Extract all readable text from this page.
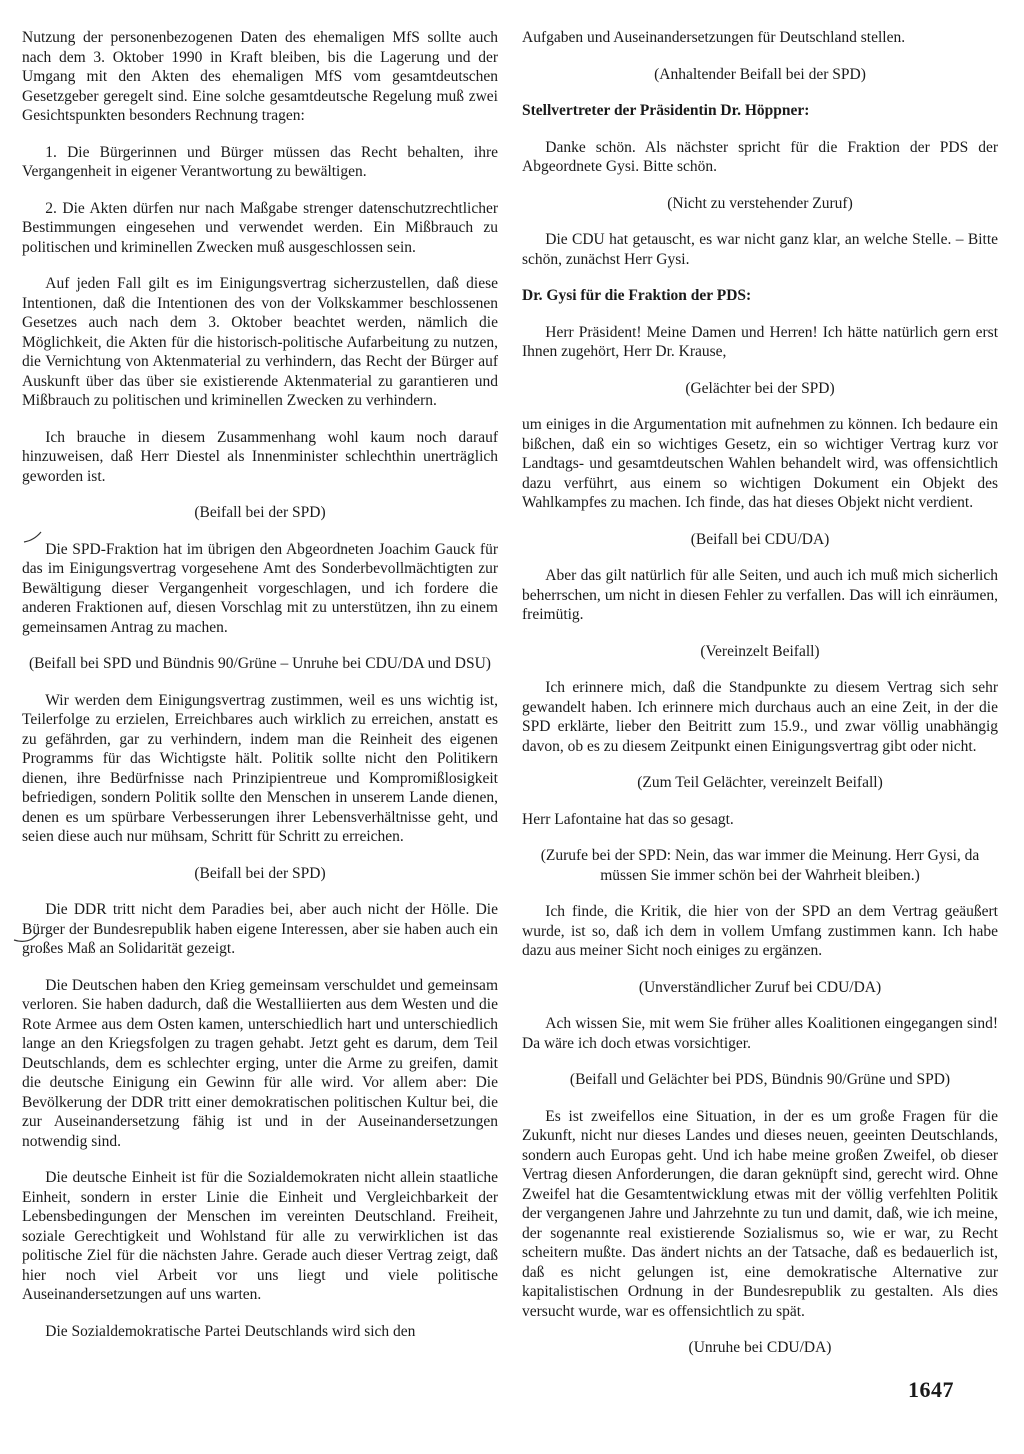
Nutzung der personenbezogenen Daten des ehemaligen MfS sollte auch nach dem 3. Oktober 1990 in Kraft bleiben, bis die Lagerung und der Umgang mit den Akten des ehemaligen MfS vom gesamtdeutschen Gesetzgeber geregelt sind. Eine solche gesamtdeutsche Regelung muß zwei Gesichtspunkten besonders Rechnung tragen:
1. Die Bürgerinnen und Bürger müssen das Recht behalten, ihre Vergangenheit in eigener Verantwortung zu bewältigen.
2. Die Akten dürfen nur nach Maßgabe strenger datenschutzrechtlicher Bestimmungen eingesehen und verwendet werden. Ein Mißbrauch zu politischen und kriminellen Zwecken muß ausgeschlossen sein.
Auf jeden Fall gilt es im Einigungsvertrag sicherzustellen, daß diese Intentionen, daß die Intentionen des von der Volkskammer beschlossenen Gesetzes auch nach dem 3. Oktober beachtet werden, nämlich die Möglichkeit, die Akten für die historisch-politische Aufarbeitung zu nutzen, die Vernichtung von Aktenmaterial zu verhindern, das Recht der Bürger auf Auskunft über das über sie existierende Aktenmaterial zu garantieren und Mißbrauch zu politischen und kriminellen Zwecken zu verhindern.
Ich brauche in diesem Zusammenhang wohl kaum noch darauf hinzuweisen, daß Herr Diestel als Innenminister schlechthin unerträglich geworden ist.
(Beifall bei der SPD)
Die SPD-Fraktion hat im übrigen den Abgeordneten Joachim Gauck für das im Einigungsvertrag vorgesehene Amt des Sonderbevollmächtigten zur Bewältigung dieser Vergangenheit vorgeschlagen, und ich fordere die anderen Fraktionen auf, diesen Vorschlag mit zu unterstützen, ihn zu einem gemeinsamen Antrag zu machen.
(Beifall bei SPD und Bündnis 90/Grüne – Unruhe bei CDU/DA und DSU)
Wir werden dem Einigungsvertrag zustimmen, weil es uns wichtig ist, Teilerfolge zu erzielen, Erreichbares auch wirklich zu erreichen, anstatt es zu gefährden, gar zu verhindern, indem man die Reinheit des eigenen Programms für das Wichtigste hält. Politik sollte nicht den Politikern dienen, ihre Bedürfnisse nach Prinzipientreue und Kompromißlosigkeit befriedigen, sondern Politik sollte den Menschen in unserem Lande dienen, denen es um spürbare Verbesserungen ihrer Lebensverhältnisse geht, und seien diese auch nur mühsam, Schritt für Schritt zu erreichen.
(Beifall bei der SPD)
Die DDR tritt nicht dem Paradies bei, aber auch nicht der Hölle. Die Bürger der Bundesrepublik haben eigene Interessen, aber sie haben auch ein großes Maß an Solidarität gezeigt.
Die Deutschen haben den Krieg gemeinsam verschuldet und gemeinsam verloren. Sie haben dadurch, daß die Westalliierten aus dem Westen und die Rote Armee aus dem Osten kamen, unterschiedlich hart und unterschiedlich lange an den Kriegsfolgen zu tragen gehabt. Jetzt geht es darum, dem Teil Deutschlands, dem es schlechter erging, unter die Arme zu greifen, damit die deutsche Einigung ein Gewinn für alle wird. Vor allem aber: Die Bevölkerung der DDR tritt einer demokratischen politischen Kultur bei, die zur Auseinandersetzung fähig ist und in der Auseinandersetzungen notwendig sind.
Die deutsche Einheit ist für die Sozialdemokraten nicht allein staatliche Einheit, sondern in erster Linie die Einheit und Vergleichbarkeit der Lebensbedingungen der Menschen im vereinten Deutschland. Freiheit, soziale Gerechtigkeit und Wohlstand für alle zu verwirklichen ist das politische Ziel für die nächsten Jahre. Gerade auch dieser Vertrag zeigt, daß hier noch viel Arbeit vor uns liegt und viele politische Auseinandersetzungen auf uns warten.
Die Sozialdemokratische Partei Deutschlands wird sich den
Aufgaben und Auseinandersetzungen für Deutschland stellen.
(Anhaltender Beifall bei der SPD)
Stellvertreter der Präsidentin Dr. Höppner:
Danke schön. Als nächster spricht für die Fraktion der PDS der Abgeordnete Gysi. Bitte schön.
(Nicht zu verstehender Zuruf)
Die CDU hat getauscht, es war nicht ganz klar, an welche Stelle. – Bitte schön, zunächst Herr Gysi.
Dr. Gysi für die Fraktion der PDS:
Herr Präsident! Meine Damen und Herren! Ich hätte natürlich gern erst Ihnen zugehört, Herr Dr. Krause,
(Gelächter bei der SPD)
um einiges in die Argumentation mit aufnehmen zu können. Ich bedaure ein bißchen, daß ein so wichtiges Gesetz, ein so wichtiger Vertrag kurz vor Landtags- und gesamtdeutschen Wahlen behandelt wird, was offensichtlich dazu verführt, aus einem so wichtigen Dokument ein Objekt des Wahlkampfes zu machen. Ich finde, das hat dieses Objekt nicht verdient.
(Beifall bei CDU/DA)
Aber das gilt natürlich für alle Seiten, und auch ich muß mich sicherlich beherrschen, um nicht in diesen Fehler zu verfallen. Das will ich einräumen, freimütig.
(Vereinzelt Beifall)
Ich erinnere mich, daß die Standpunkte zu diesem Vertrag sich sehr gewandelt haben. Ich erinnere mich durchaus auch an eine Zeit, in der die SPD erklärte, lieber den Beitritt zum 15.9., und zwar völlig unabhängig davon, ob es zu diesem Zeitpunkt einen Einigungsvertrag gibt oder nicht.
(Zum Teil Gelächter, vereinzelt Beifall)
Herr Lafontaine hat das so gesagt.
(Zurufe bei der SPD: Nein, das war immer die Meinung. Herr Gysi, da müssen Sie immer schön bei der Wahrheit bleiben.)
Ich finde, die Kritik, die hier von der SPD an dem Vertrag geäußert wurde, ist so, daß ich dem in vollem Umfang zustimmen kann. Ich habe dazu aus meiner Sicht noch einiges zu ergänzen.
(Unverständlicher Zuruf bei CDU/DA)
Ach wissen Sie, mit wem Sie früher alles Koalitionen eingegangen sind! Da wäre ich doch etwas vorsichtiger.
(Beifall und Gelächter bei PDS, Bündnis 90/Grüne und SPD)
Es ist zweifellos eine Situation, in der es um große Fragen für die Zukunft, nicht nur dieses Landes und dieses neuen, geeinten Deutschlands, sondern auch Europas geht. Und ich habe meine großen Zweifel, ob dieser Vertrag diesen Anforderungen, die daran geknüpft sind, gerecht wird. Ohne Zweifel hat die Gesamtentwicklung etwas mit der völlig verfehlten Politik der vergangenen Jahre und Jahrzehnte zu tun und damit, daß, wie ich meine, der sogenannte real existierende Sozialismus so, wie er war, zu Recht scheitern mußte. Das ändert nichts an der Tatsache, daß es bedauerlich ist, daß es nicht gelungen ist, eine demokratische Alternative zur kapitalistischen Ordnung in der Bundesrepublik zu gestalten. Als dies versucht wurde, war es offensichtlich zu spät.
(Unruhe bei CDU/DA)
1647
